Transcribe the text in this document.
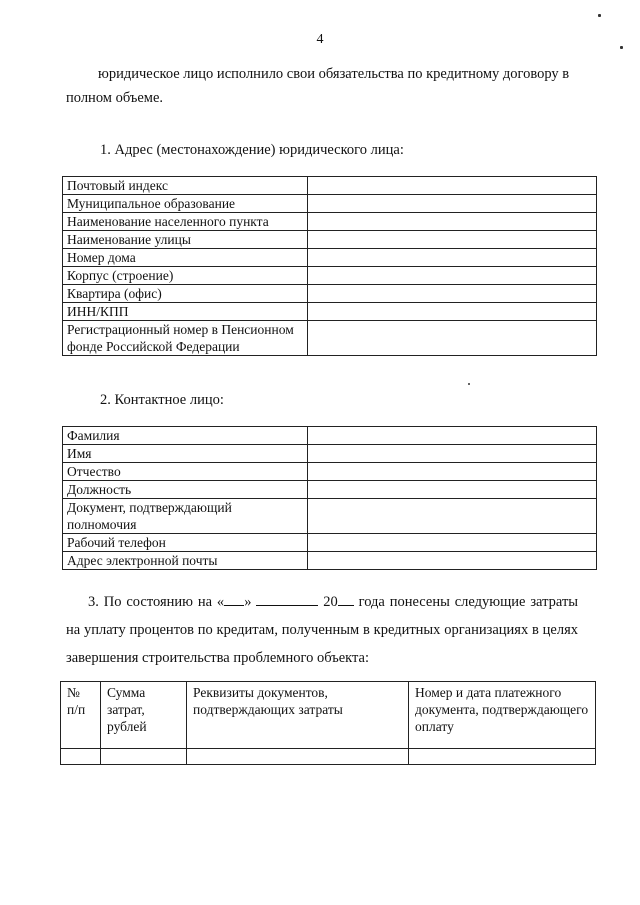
4
юридическое лицо исполнило свои обязательства по кредитному договору в
полном объеме.
1. Адрес (местонахождение) юридического лица:
Почтовый индекс	
Муниципальное образование	
Наименование населенного пункта	
Наименование улицы	
Номер дома	
Корпус (строение)	
Квартира (офис)	
ИНН/КПП	
Регистрационный номер в Пенсионном фонде Российской Федерации	
2. Контактное лицо:
Фамилия	
Имя	
Отчество	
Должность	
Документ, подтверждающий полномочия	
Рабочий телефон	
Адрес электронной почты	
3. По состоянию на « »	20 года понесены следующие затраты на уплату процентов по кредитам, полученным в кредитных организациях в целях завершения строительства проблемного объекта:
№ п/п	Сумма затрат, рублей	Реквизиты документов, подтверждающих затраты	Номер и дата платежного документа, подтверждающего оплату
